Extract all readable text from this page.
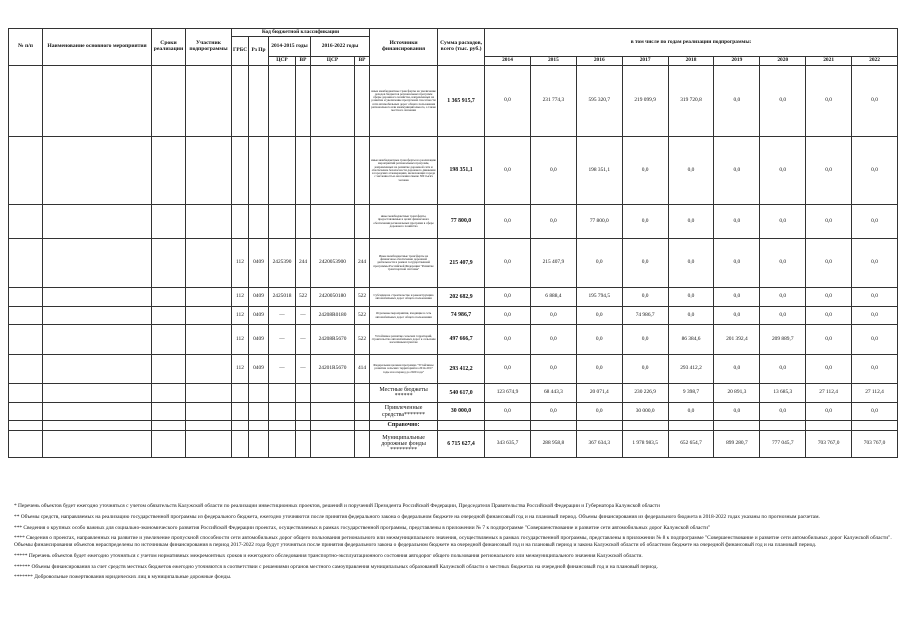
№ п/п	Наименование основного мероприятия	Сроки реализации	Участник подпрограммы	Код бюджетной классификации						Источники финансирования	Сумма расходов, всего (тыс. руб.)	в том числе по годам реализации подпрограммы:								
				ГРБС	Рз Пр	2014-2015 годы		2016-2022 годы												

						ЦСР	ВР	ЦСР	ВР			2014	2015	2016	2017	2018	2019	2020	2021	2022
										иные межбюджетные трансферты на увеличение доходов бюджетов региональных программ сферы дорожного хозяйства, направленных на развитие и увеличение пропускной способности сети автомобильных дорог общего пользования регионального или межмуниципального, а также местного значения	1 365 915,7	0,0	231 774,3	595 320,7	219 099,9	319 720,8	0,0	0,0	0,0	0,0
										иные межбюджетные трансферты на реализацию мероприятий региональных программ, направленных на развитие дорожной сети и обеспечение безопасности дорожного движения в городских агломерациях, включающих города с численностью населения свыше 300 тысяч человек	198 351,1	0,0	0,0	198 351,1	0,0	0,0	0,0	0,0	0,0	0,0
										иные межбюджетные трансферты, предоставляемые в целях финансового обеспечения региональных программ в сфере дорожного хозяйства	77 800,0	0,0	0,0	77 800,0	0,0	0,0	0,0	0,0	0,0	0,0
				112	0409	2425390	244	2420053900	244	Иные межбюджетные трансферты на финансовое обеспечение дорожной деятельности в рамках государственной программы Российской Федерации "Развитие транспортной системы"	215 407,9	0,0	215 407,9	0,0	0,0	0,0	0,0	0,0	0,0	0,0
				112	0409	2425018	522	2420050180	522	Субсидии на строительство и реконструкцию автомобильных дорог общего пользования	202 682,9	0,0	6 888,4	195 794,5	0,0	0,0	0,0	0,0	0,0	0,0
				112	0409	—	—	24208R0180	522	Отдельные мероприятия, входящие в сеть автомобильных дорог общего пользования	74 986,7	0,0	0,0	0,0	74 986,7	0,0	0,0	0,0	0,0	0,0
				112	0409	—	—	24208R5670	522	Устойчивое развитие сельских территорий, строительство автомобильных дорог к сельским населённым пунктам	497 666,7	0,0	0,0	0,0	0,0	86 384,6	201 392,4	209 889,7	0,0	0,0
				112	0409	—	—	24201R5670	414	Федеральная целевая программа "Устойчивое развитие сельских территорий на 2014-2017 годы и на период до 2020 года"	293 412,2	0,0	0,0	0,0	0,0	293 412,2	0,0	0,0	0,0	0,0
										Местные бюджеты ******	540 617,0	123 674,9	68 443,3	20 071,4	230 226,9	9 398,7	20 891,3	13 685,3	27 112,4	27 112,4
										Привлеченные средства*******	30 000,0	0,0	0,0	0,0	30 000,0	0,0	0,0	0,0	0,0	0,0
										Справочно:										
										Муниципальные дорожные фонды *********	6 715 627,4	343 635,7	288 958,8	367 634,3	1 978 983,5	652 654,7	899 280,7	777 045,7	703 767,0	703 767,0

* Перечень объектов будет ежегодно уточняться с учетом обязательств Калужской области по реализации инвестиционных проектов, решений и поручений Президента Российской Федерации, Председателя Правительства Российской Федерации и Губернатора Калужской области

** Объемы средств, направляемых на реализацию государственной программы из федерального бюджета, ежегодно уточняются после принятия федерального закона о федеральном бюджете на очередной финансовый год и на плановый период. Объемы финансирования из федерального бюджета в 2018-2022 годах указаны по прогнозным расчетам.

*** Сведения о крупных особо важных для социально-экономического развития Российской Федерации проектах, осуществляемых в рамках государственной программы, представлены в приложении № 7 к подпрограмме "Совершенствование и развитие сети автомобильных дорог Калужской области"

**** Сведения о проектах, направленных на развитие и увеличение пропускной способности сети автомобильных дорог общего пользования регионального или межмуниципального значения, осуществляемых в рамках государственной программы, представлены в приложении № 8 к подпрограмме "Совершенствование и развитие сети автомобильных дорог Калужской области". Объемы финансирования объектов нераспределены по источникам финансирования в период 2017-2022 года будут уточняться после принятия федерального закона о федеральном бюджете на очередной финансовый год и на плановый период и закона Калужской области об областном бюджете на очередной финансовый год и на плановый период.

***** Перечень объектов будет ежегодно уточняться с учетом нормативных межремонтных сроков и ежегодного обследования транспортно-эксплуатационного состояния автодорог общего пользования регионального или межмуниципального значения Калужской области.

****** Объемы финансирования за счет средств местных бюджетов ежегодно уточняются в соответствии с решениями органов местного самоуправления муниципальных образований Калужской области о местных бюджетах на очередной финансовый год и на плановый период.

******* Добровольные пожертвования юридических лиц в муниципальные дорожные фонды.
